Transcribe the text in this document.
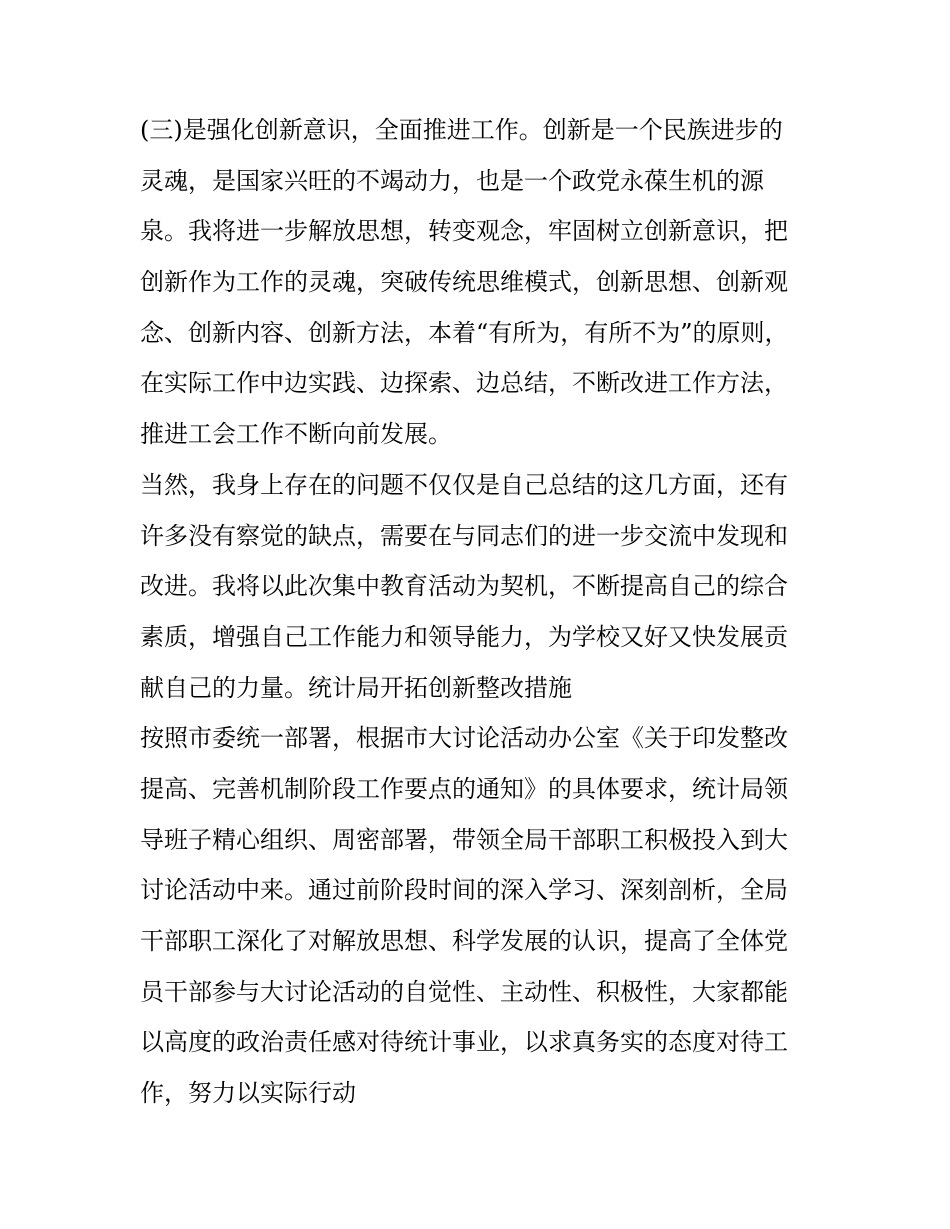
(三)是强化创新意识，全面推进工作。创新是一个民族进步的
灵魂，是国家兴旺的不竭动力，也是一个政党永葆生机的源
泉。我将进一步解放思想，转变观念，牢固树立创新意识，把
创新作为工作的灵魂，突破传统思维模式，创新思想、创新观
念、创新内容、创新方法，本着“有所为，有所不为”的原则，
在实际工作中边实践、边探索、边总结，不断改进工作方法，
推进工会工作不断向前发展。
当然，我身上存在的问题不仅仅是自己总结的这几方面，还有
许多没有察觉的缺点，需要在与同志们的进一步交流中发现和
改进。我将以此次集中教育活动为契机，不断提高自己的综合
素质，增强自己工作能力和领导能力，为学校又好又快发展贡
献自己的力量。统计局开拓创新整改措施
按照市委统一部署，根据市大讨论活动办公室《关于印发整改
提高、完善机制阶段工作要点的通知》的具体要求，统计局领
导班子精心组织、周密部署，带领全局干部职工积极投入到大
讨论活动中来。通过前阶段时间的深入学习、深刻剖析，全局
干部职工深化了对解放思想、科学发展的认识，提高了全体党
员干部参与大讨论活动的自觉性、主动性、积极性，大家都能
以高度的政治责任感对待统计事业，以求真务实的态度对待工
作，努力以实际行动
